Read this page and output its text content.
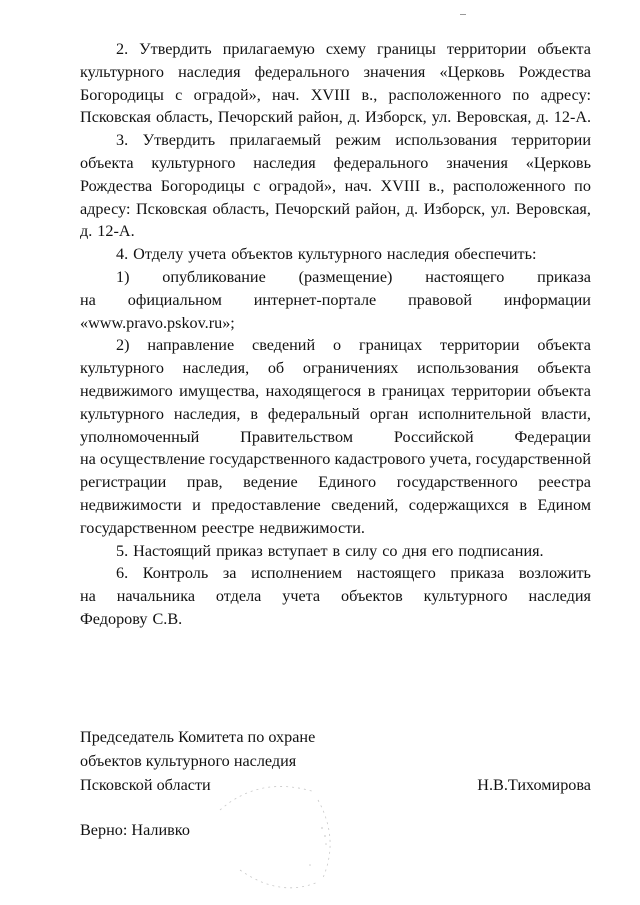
2. Утвердить прилагаемую схему границы территории объекта
культурного наследия федерального значения «Церковь Рождества
Богородицы с оградой», нач. XVIII в., расположенного по адресу:
Псковская область, Печорский район, д. Изборск, ул. Веровская, д. 12-А.
3. Утвердить прилагаемый режим использования территории
объекта культурного наследия федерального значения «Церковь
Рождества Богородицы с оградой», нач. XVIII в., расположенного по
адресу: Псковская область, Печорский район, д. Изборск, ул. Веровская,
д. 12-А.
4. Отделу учета объектов культурного наследия обеспечить:
1) опубликование (размещение) настоящего приказа
на официальном интернет-портале правовой информации
«www.pravo.pskov.ru»;
2) направление сведений о границах территории объекта
культурного наследия, об ограничениях использования объекта
недвижимого имущества, находящегося в границах территории объекта
культурного наследия, в федеральный орган исполнительной власти,
уполномоченный	Правительством	Российской	Федерации
на осуществление государственного кадастрового учета, государственной
регистрации прав, ведение Единого государственного реестра
недвижимости и предоставление сведений, содержащихся в Едином
государственном реестре недвижимости.
5. Настоящий приказ вступает в силу со дня его подписания.
6. Контроль за исполнением настоящего приказа возложить
на начальника отдела учета объектов культурного наследия
Федорову С.В.
Председатель Комитета по охране
объектов культурного наследия
Псковской области	Н.В.Тихомирова
Верно: Наливко
